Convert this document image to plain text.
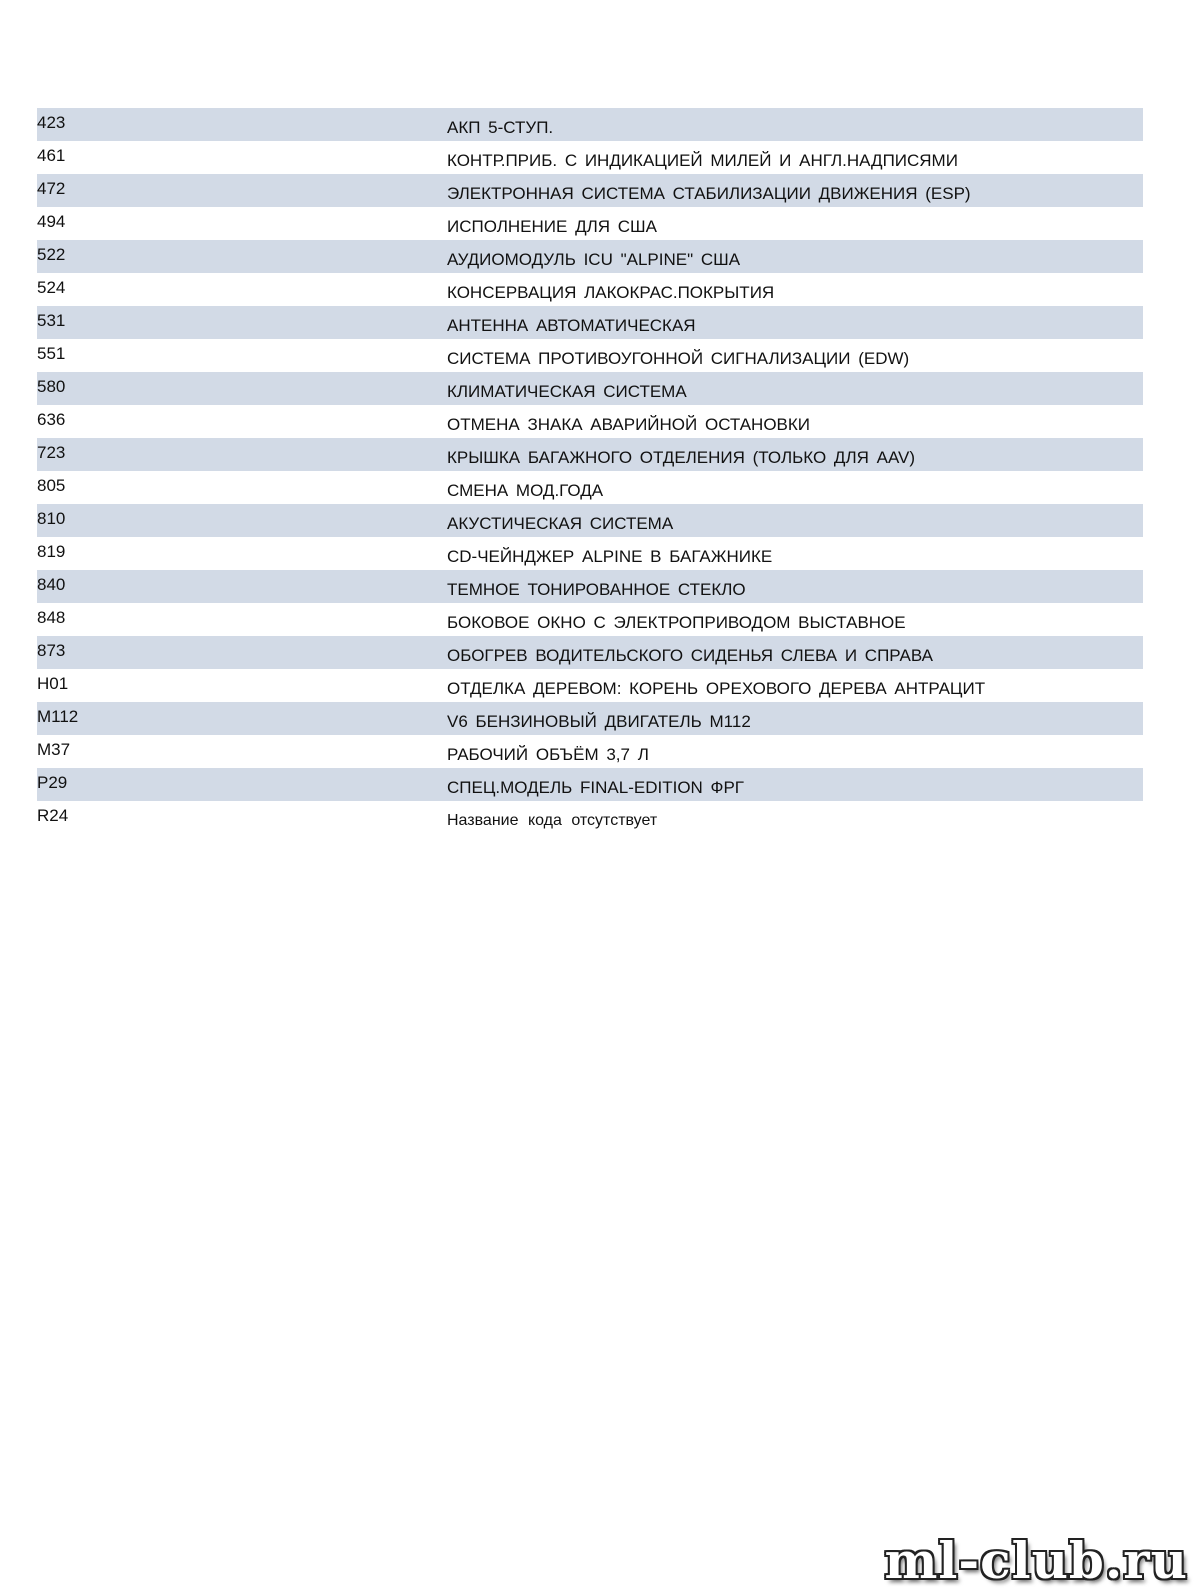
423	АКП 5-СТУП.
461	КОНТР.ПРИБ. С ИНДИКАЦИЕЙ МИЛЕЙ И АНГЛ.НАДПИСЯМИ
472	ЭЛЕКТРОННАЯ СИСТЕМА СТАБИЛИЗАЦИИ ДВИЖЕНИЯ (ESP)
494	ИСПОЛНЕНИЕ ДЛЯ США
522	АУДИОМОДУЛЬ ICU "ALPINE" США
524	КОНСЕРВАЦИЯ ЛАКОКРАС.ПОКРЫТИЯ
531	АНТЕННА АВТОМАТИЧЕСКАЯ
551	СИСТЕМА ПРОТИВОУГОННОЙ СИГНАЛИЗАЦИИ (EDW)
580	КЛИМАТИЧЕСКАЯ СИСТЕМА
636	ОТМЕНА ЗНАКА АВАРИЙНОЙ ОСТАНОВКИ
723	КРЫШКА БАГАЖНОГО ОТДЕЛЕНИЯ (ТОЛЬКО ДЛЯ AAV)
805	СМЕНА МОД.ГОДА
810	АКУСТИЧЕСКАЯ СИСТЕМА
819	CD-ЧЕЙНДЖЕР ALPINE В БАГАЖНИКЕ
840	ТЕМНОЕ ТОНИРОВАННОЕ СТЕКЛО
848	БОКОВОЕ ОКНО С ЭЛЕКТРОПРИВОДОМ ВЫСТАВНОЕ
873	ОБОГРЕВ ВОДИТЕЛЬСКОГО СИДЕНЬЯ СЛЕВА И СПРАВА
H01	ОТДЕЛКА ДЕРЕВОМ: КОРЕНЬ ОРЕХОВОГО ДЕРЕВА АНТРАЦИТ
M112	V6 БЕНЗИНОВЫЙ ДВИГАТЕЛЬ M112
M37	РАБОЧИЙ ОБЪЁМ 3,7 Л
P29	СПЕЦ.МОДЕЛЬ FINAL-EDITION ФРГ
R24	Название кода отсутствует
ml-club.ru
